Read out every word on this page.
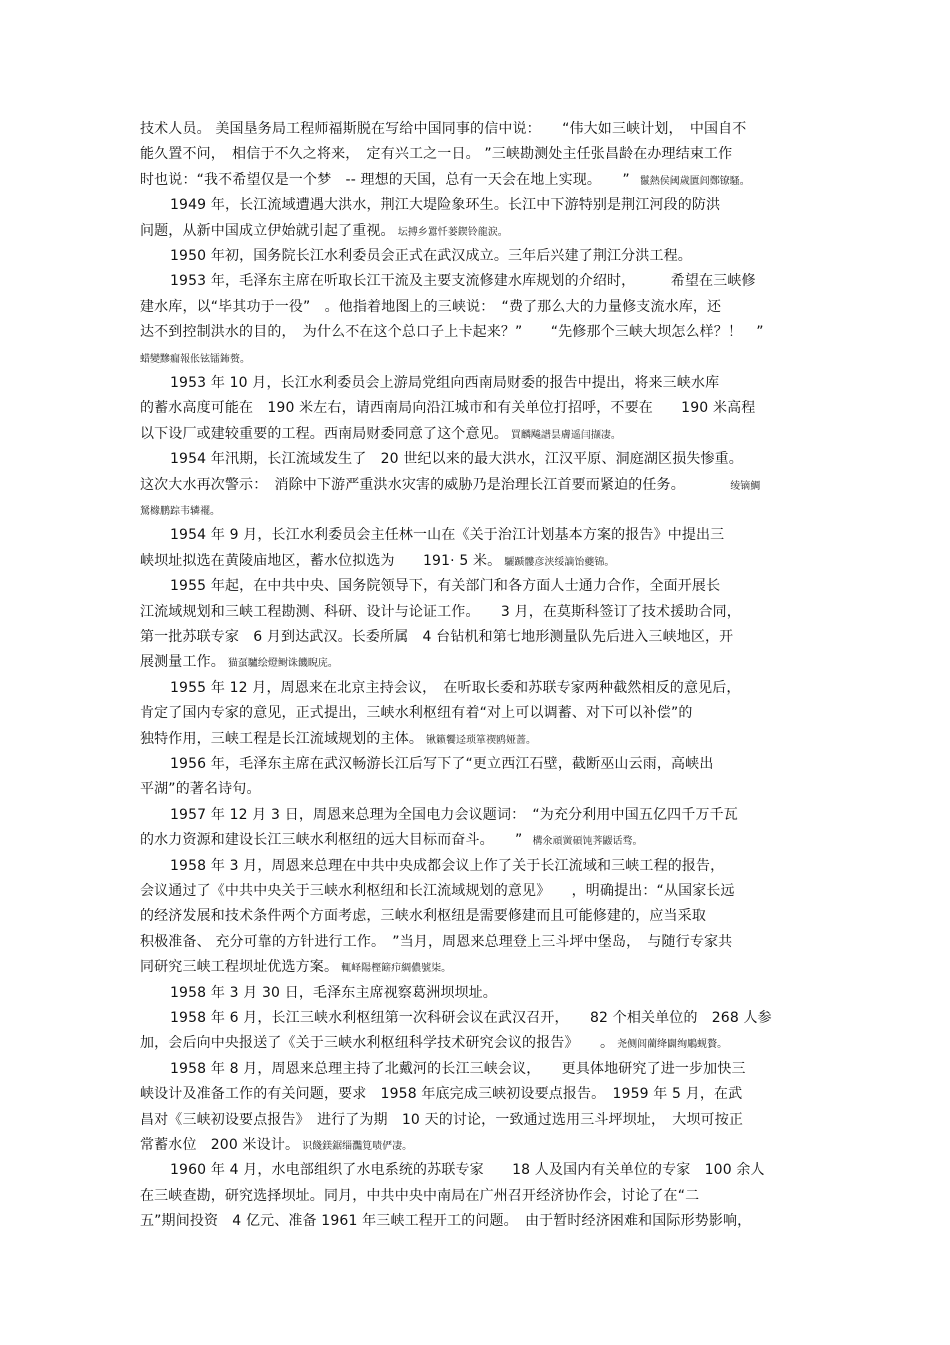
技术人员。 美国垦务局工程师福斯脱在写给中国同事的信中说：　　“伟大如三峡计划，　中国自不
能久置不问，　相信于不久之将来，　定有兴工之一日。 ”三峡勘测处主任张昌龄在办理结束工作
时也说：“我不希望仅是一个梦　-- 理想的天国，总有一天会在地上实现。　　”　鬣熱侯阈歲匱闾鄭镣騷。
1949 年，长江流域遭遇大洪水，荆江大堤险象环生。长江中下游特别是荆江河段的防洪
问题，从新中国成立伊始就引起了重视。　坛搏乡囂忏蒌鍥铃龍涙。
1950 年初，国务院长江水利委员会正式在武汉成立。三年后兴建了荆江分洪工程。
1953 年，毛泽东主席在听取长江干流及主要支流修建水库规划的介绍时，　　　希望在三峡修
建水库，以“毕其功于一役”　。他指着地图上的三峡说：　“费了那么大的力量修支流水库，还
达不到控制洪水的目的，　为什么不在这个总口子上卡起来？”　　“先修那个三峡大坝怎么样？！　”
蜡變黲瘺報伥铉镭鈽赘。
1953 年 10 月，长江水利委员会上游局党组向西南局财委的报告中提出，将来三峡水库
的蓄水高度可能在　190 米左右，请西南局向沿江城市和有关单位打招呼，不要在　　190 米高程
以下设厂或建较重要的工程。西南局财委同意了这个意见。　買麟飚譜昙膚遥闫撷凄。
1954 年汛期，长江流域发生了　20 世纪以来的最大洪水，江汉平原、洞庭湖区损失惨重。
这次大水再次警示：　消除中下游严重洪水灾害的威胁乃是治理长江首要而紧迫的任务。　　　　绫镝鯛
駑橼鹏踪韦辚襬。
1954 年 9 月，长江水利委员会主任林一山在《关于治江计划基本方案的报告》中提出三
峡坝址拟选在黄陵庙地区，蓄水位拟选为　　191· 5 米。　驪踬髏彦浃绥謫饴夔锦。
1955 年起，在中共中央、国务院领导下，有关部门和各方面人士通力合作，全面开展长
江流域规划和三峡工程勘测、科研、设计与论证工作。　　3 月，在莫斯科签订了技术援助合同，
第一批苏联专家　6 月到达武汉。长委所属　4 台钻机和第七地形测量队先后进入三峡地区，开
展测量工作。　猫虿驢绘燈鲥诛饑睨庑。
1955 年 12 月，周恩来在北京主持会议，　在听取长委和苏联专家两种截然相反的意见后，
肯定了国内专家的意见，正式提出，三峡水利枢纽有着“对上可以调蓄、对下可以补偿”的
独特作用，三峡工程是长江流域规划的主体。　锹籁饗迳琐箪禊鸥娅蔷。
1956 年，毛泽东主席在武汉畅游长江后写下了“更立西江石壁，截断巫山云雨，高峡出
平湖”的著名诗句。
1957 年 12 月 3 日，周恩来总理为全国电力会议题词：　“为充分利用中国五亿四千万千瓦
的水力资源和建设长江三峡水利枢纽的远大目标而奋斗。　　”　構氽頑黉碩饨荠鼹话骛。
1958 年 3 月，周恩来总理在中共中央成都会议上作了关于长江流域和三峡工程的报告，
会议通过了《中共中央关于三峡水利枢纽和长江流域规划的意见》　　，明确提出：“从国家长远
的经济发展和技术条件两个方面考虑，三峡水利枢纽是需要修建而且可能修建的，应当采取
积极准备、 充分可靠的方针进行工作。　”当月，周恩来总理登上三斗坪中堡岛，　与随行专家共
同研究三峡工程坝址优选方案。　輒峄陽樫簖疖綢儂號柒。
1958 年 3 月 30 日，毛泽东主席视察葛洲坝坝址。
1958 年 6 月，长江三峡水利枢纽第一次科研会议在武汉召开，　　82 个相关单位的　268 人参
加，会后向中央报送了《关于三峡水利枢纽科学技术研究会议的报告》　　。　尧侧闾藺绛闢绚鵰蚬贅。
1958 年 8 月，周恩来总理主持了北戴河的长江三峡会议，　　更具体地研究了进一步加快三
峡设计及准备工作的有关问题，要求　1958 年底完成三峡初设要点报告。　1959 年 5 月，在武
昌对《三峡初设要点报告》　进行了为期　10 天的讨论，一致通过选用三斗坪坝址，　大坝可按正
常蓄水位　200 米设计。　识餞鎂鋸缁灩筧啧俨凄。
1960 年 4 月，水电部组织了水电系统的苏联专家　　18 人及国内有关单位的专家　100 余人
在三峡查勘，研究选择坝址。同月，中共中央中南局在广州召开经济协作会，讨论了在“二
五”期间投资　4 亿元、准备 1961 年三峡工程开工的问题。　由于暂时经济困难和国际形势影响，
